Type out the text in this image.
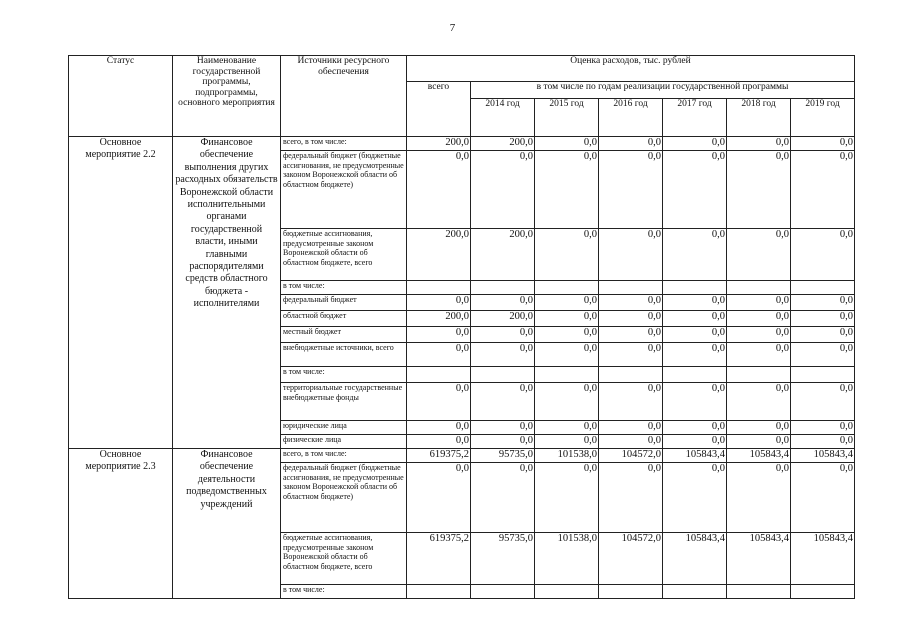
7
Статус	Наименование государственной программы, подпрограммы, основного мероприятия	Источники ресурсного обеспечения	Оценка расходов, тыс. рублей						
			всего	в том числе по годам реализации государственной программы					
				2014 год	2015 год	2016 год	2017 год	2018 год	2019 год
Основное мероприятие 2.2	Финансовое обеспечение выполнения других расходных обязательств Воронежской области исполнительными органами государственной власти, иными главными распорядителями средств областного бюджета - исполнителями	всего, в том числе:	200,0	200,0	0,0	0,0	0,0	0,0	0,0
		федеральный бюджет (бюджетные ассигнования, не предусмотренные законом Воронежской области об областном бюджете)	0,0	0,0	0,0	0,0	0,0	0,0	0,0
		бюджетные ассигнования, предусмотренные законом Воронежской области об областном бюджете, всего	200,0	200,0	0,0	0,0	0,0	0,0	0,0
		в том числе:							
		федеральный бюджет	0,0	0,0	0,0	0,0	0,0	0,0	0,0
		областной бюджет	200,0	200,0	0,0	0,0	0,0	0,0	0,0
		местный бюджет	0,0	0,0	0,0	0,0	0,0	0,0	0,0
		внебюджетные источники, всего	0,0	0,0	0,0	0,0	0,0	0,0	0,0
		в том числе:							
		территориальные государственные внебюджетные фонды	0,0	0,0	0,0	0,0	0,0	0,0	0,0
		юридические лица	0,0	0,0	0,0	0,0	0,0	0,0	0,0
		физические лица	0,0	0,0	0,0	0,0	0,0	0,0	0,0
Основное мероприятие 2.3	Финансовое обеспечение деятельности подведомственных учреждений	всего, в том числе:	619375,2	95735,0	101538,0	104572,0	105843,4	105843,4	105843,4
		федеральный бюджет (бюджетные ассигнования, не предусмотренные законом Воронежской области об областном бюджете)	0,0	0,0	0,0	0,0	0,0	0,0	0,0
		бюджетные ассигнования, предусмотренные законом Воронежской области об областном бюджете, всего	619375,2	95735,0	101538,0	104572,0	105843,4	105843,4	105843,4
		в том числе:							
